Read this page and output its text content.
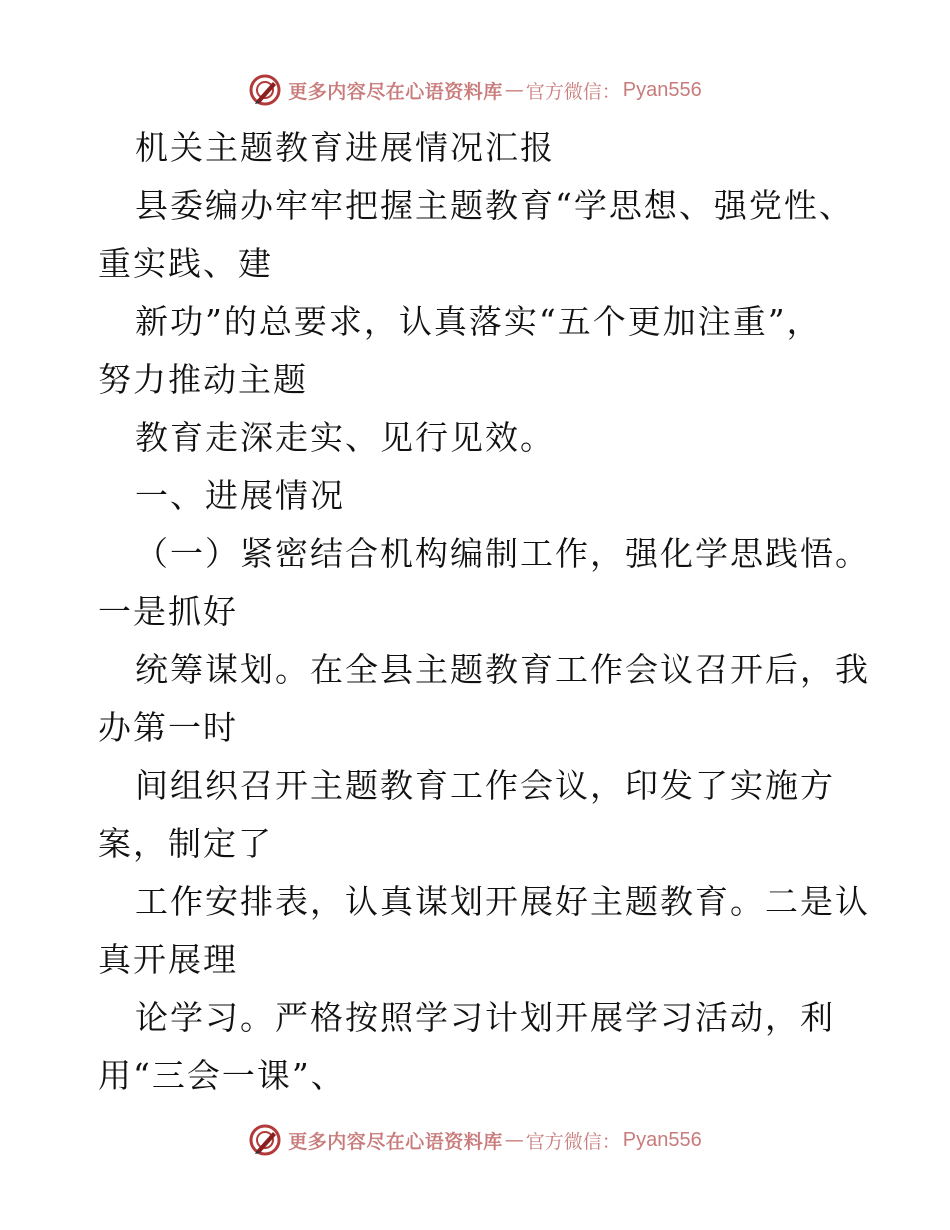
更多内容尽在心语资料库 — 官方微信： Pyan556
机关主题教育进展情况汇报
县委编办牢牢把握主题教育“学思想、强党性、
重实践、建
新功”的总要求，认真落实“五个更加注重”，
努力推动主题
教育走深走实、见行见效。
一、进展情况
（一）紧密结合机构编制工作，强化学思践悟。
一是抓好
统筹谋划。在全县主题教育工作会议召开后，我
办第一时
间组织召开主题教育工作会议，印发了实施方
案，制定了
工作安排表，认真谋划开展好主题教育。二是认
真开展理
论学习。严格按照学习计划开展学习活动，利
用“三会一课”、
更多内容尽在心语资料库 — 官方微信： Pyan556
